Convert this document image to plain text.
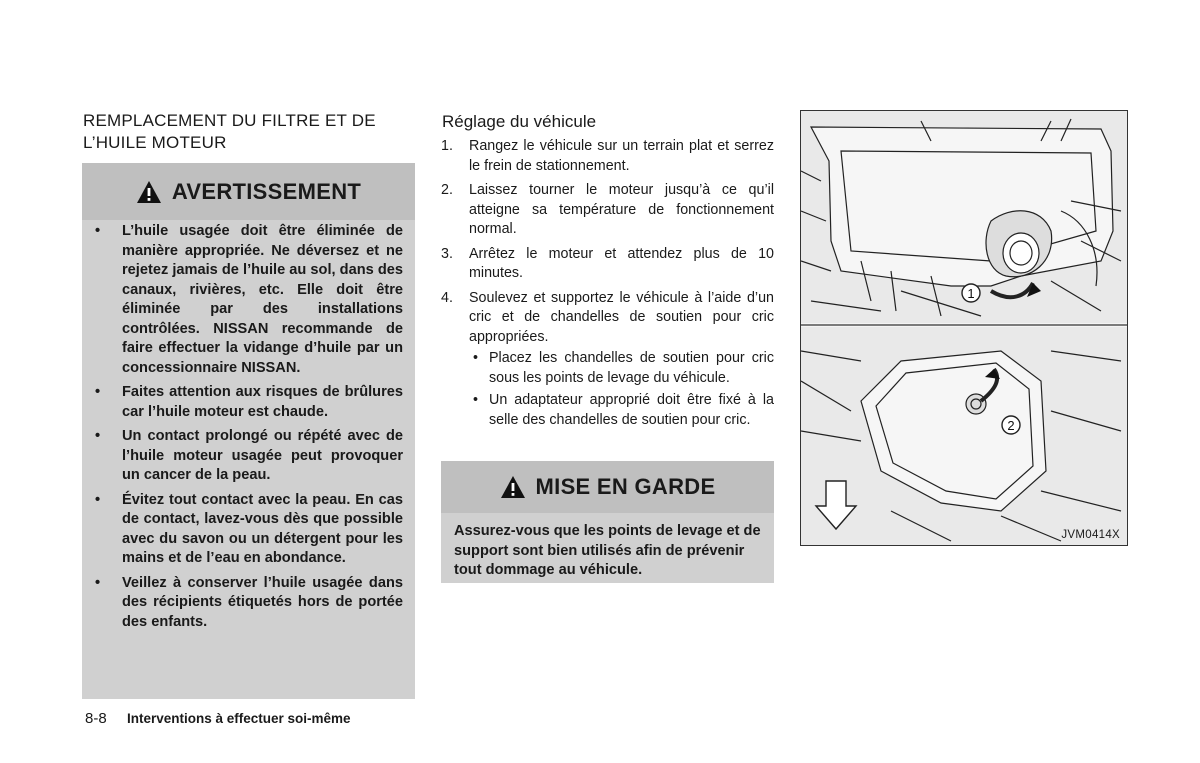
REMPLACEMENT DU FILTRE ET DE L’HUILE MOTEUR
AVERTISSEMENT
• L’huile usagée doit être éliminée de manière appropriée. Ne déversez et ne rejetez jamais de l’huile au sol, dans des canaux, rivières, etc. Elle doit être éliminée par des installations contrôlées. NISSAN recommande de faire effectuer la vidange d’huile par un concessionnaire NISSAN.
• Faites attention aux risques de brûlures car l’huile moteur est chaude.
• Un contact prolongé ou répété avec de l’huile moteur usagée peut provoquer un cancer de la peau.
• Évitez tout contact avec la peau. En cas de contact, lavez-vous dès que possible avec du savon ou un détergent pour les mains et de l’eau en abondance.
• Veillez à conserver l’huile usagée dans des récipients étiquetés hors de portée des enfants.
8-8 Interventions à effectuer soi-même
Réglage du véhicule
1. Rangez le véhicule sur un terrain plat et serrez le frein de stationnement.
2. Laissez tourner le moteur jusqu’à ce qu’il atteigne sa température de fonctionnement normal.
3. Arrêtez le moteur et attendez plus de 10 minutes.
4. Soulevez et supportez le véhicule à l’aide d’un cric et de chandelles de soutien pour cric appropriées.
• Placez les chandelles de soutien pour cric sous les points de levage du véhicule.
• Un adaptateur approprié doit être fixé à la selle des chandelles de soutien pour cric.
MISE EN GARDE
Assurez-vous que les points de levage et de support sont bien utilisés afin de prévenir tout dommage au véhicule.
1
2
JVM0414X
